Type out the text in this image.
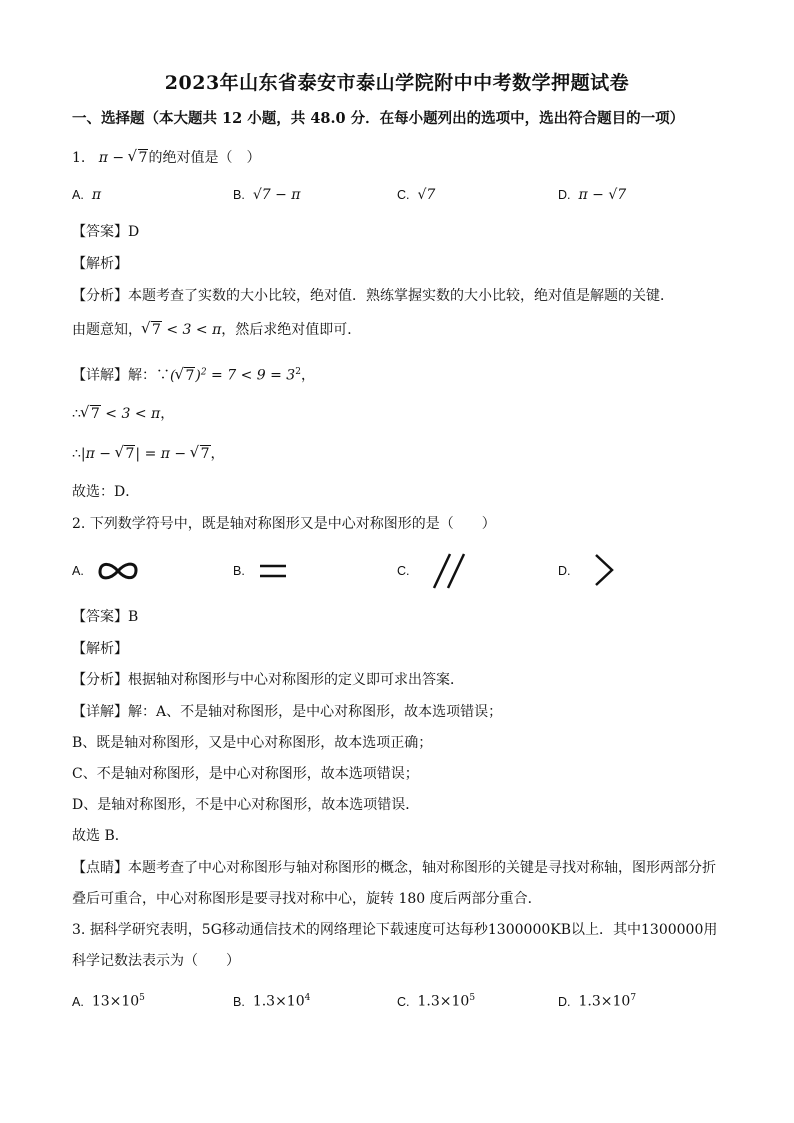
2023年山东省泰安市泰山学院附中中考数学押题试卷
一、选择题（本大题共 12 小题，共 48.0 分．在每小题列出的选项中，选出符合题目的一项）
1.   π − √ 7的绝对值是（　）
A. π	B. √7 − π	C. √7	D. π − √7
【答案】D
【解析】
【分析】本题考查了实数的大小比较，绝对值．熟练掌握实数的大小比较，绝对值是解题的关键．
由题意知， √ 7 < 3 < π，然后求绝对值即可．
【详解】解：∵( √ $7)^2 = 7 < 9 = 3^2$，
∴ √ 7 < 3 < π，
∴|π − √ 7| = π − √ 7，
故选：D．
2. 下列数学符号中，既是轴对称图形又是中心对称图形的是（　　）
A.	B.	C.	D.
【答案】B
【解析】
【分析】根据轴对称图形与中心对称图形的定义即可求出答案．
【详解】解：A、不是轴对称图形，是中心对称图形，故本选项错误；
B、既是轴对称图形，又是中心对称图形，故本选项正确；
C、不是轴对称图形，是中心对称图形，故本选项错误；
D、是轴对称图形，不是中心对称图形，故本选项错误．
故选 B．
【点睛】本题考查了中心对称图形与轴对称图形的概念，轴对称图形的关键是寻找对称轴，图形两部分折
叠后可重合，中心对称图形是要寻找对称中心，旋转 180 度后两部分重合．
3. 据科学研究表明，5G移动通信技术的网络理论下载速度可达每秒1300000KB以上．其中1300000用
科学记数法表示为（　　）
A. $13\times 10^5$	B. $1.3\times 10^4$	C. $1.3\times 10^5$	D. $1.3\times 10^7$
